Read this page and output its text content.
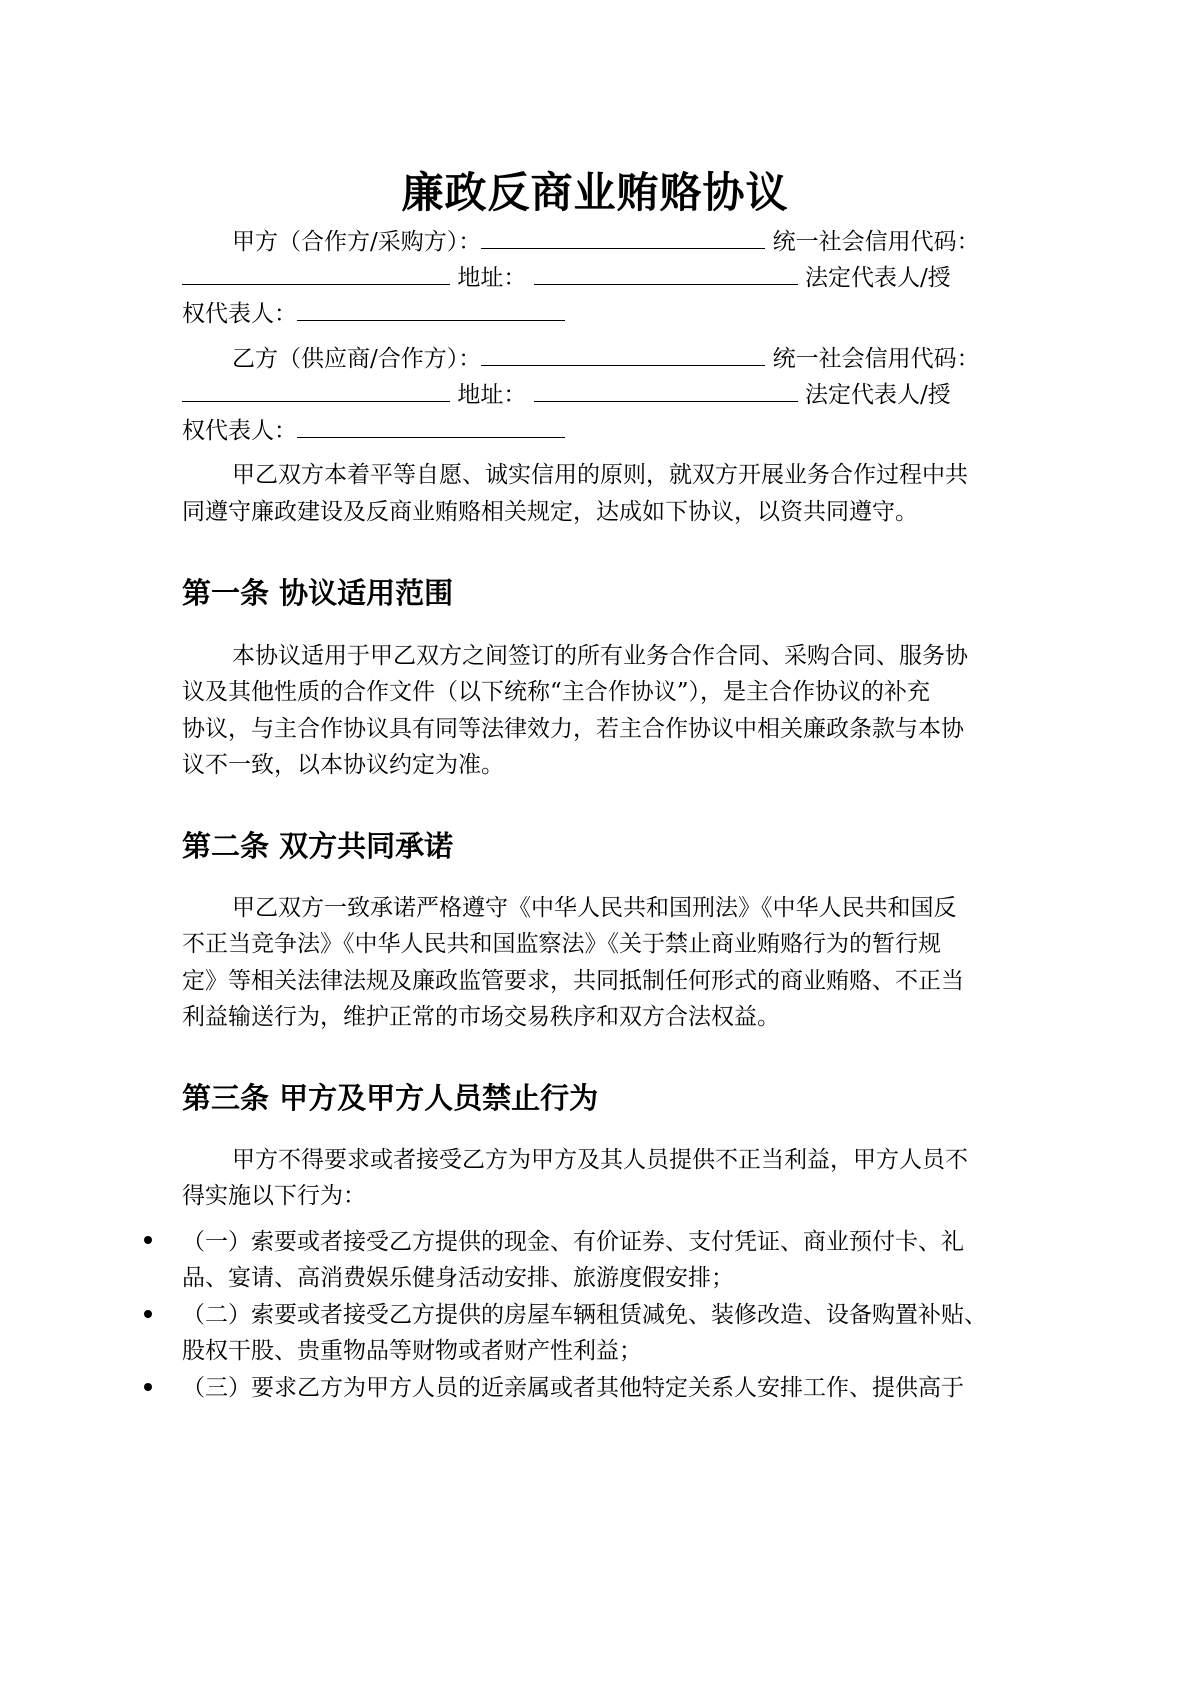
廉政反商业贿赂协议
甲方（合作方/采购方）：	统一社会信用代码：
地址：	法定代表人/授
权代表人：
乙方（供应商/合作方）：	统一社会信用代码：
地址：	法定代表人/授
权代表人：
甲乙双方本着平等自愿、诚实信用的原则，就双方开展业务合作过程中共
同遵守廉政建设及反商业贿赂相关规定，达成如下协议，以资共同遵守。
第一条 协议适用范围
本协议适用于甲乙双方之间签订的所有业务合作合同、采购合同、服务协
议及其他性质的合作文件（以下统称“主合作协议”），是主合作协议的补充
协议，与主合作协议具有同等法律效力，若主合作协议中相关廉政条款与本协
议不一致，以本协议约定为准。
第二条 双方共同承诺
甲乙双方一致承诺严格遵守《中华人民共和国刑法》《中华人民共和国反
不正当竞争法》《中华人民共和国监察法》《关于禁止商业贿赂行为的暂行规
定》等相关法律法规及廉政监管要求，共同抵制任何形式的商业贿赂、不正当
利益输送行为，维护正常的市场交易秩序和双方合法权益。
第三条 甲方及甲方人员禁止行为
甲方不得要求或者接受乙方为甲方及其人员提供不正当利益，甲方人员不
得实施以下行为：
（一）索要或者接受乙方提供的现金、有价证券、支付凭证、商业预付卡、礼
品、宴请、高消费娱乐健身活动安排、旅游度假安排；
（二）索要或者接受乙方提供的房屋车辆租赁减免、装修改造、设备购置补贴、
股权干股、贵重物品等财物或者财产性利益；
（三）要求乙方为甲方人员的近亲属或者其他特定关系人安排工作、提供高于
